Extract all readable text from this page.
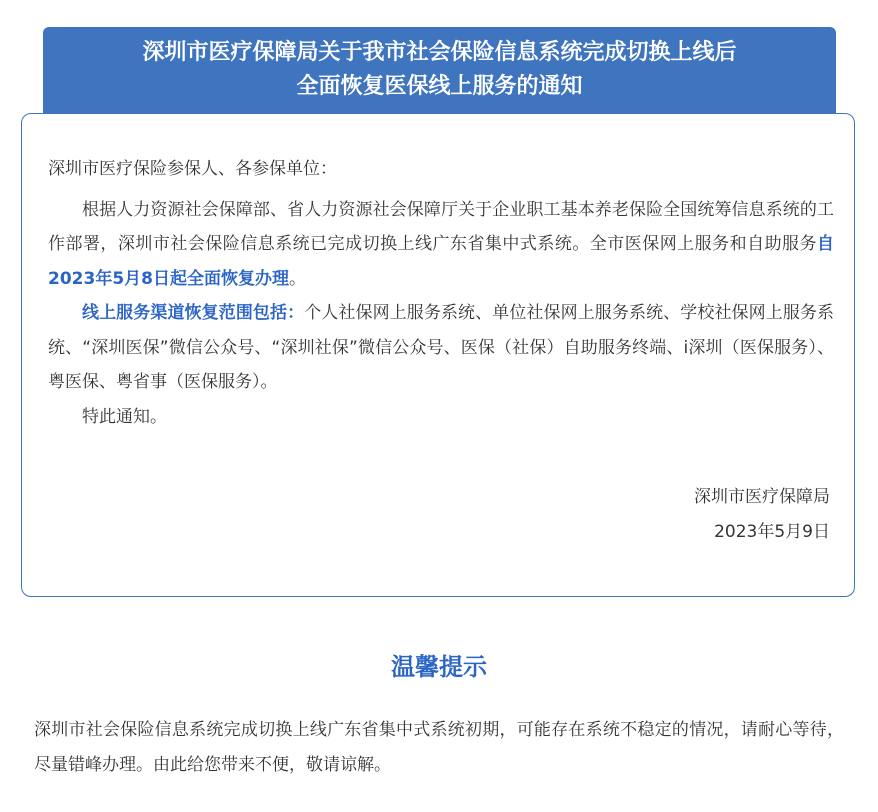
深圳市医疗保障局关于我市社会保险信息系统完成切换上线后
全面恢复医保线上服务的通知

深圳市医疗保险参保人、各参保单位：

根据人力资源社会保障部、省人力资源社会保障厅关于企业职工基本养老保险全国统筹信息系统的工作部署，深圳市社会保险信息系统已完成切换上线广东省集中式系统。全市医保网上服务和自助服务自2023年5月8日起全面恢复办理。

线上服务渠道恢复范围包括：个人社保网上服务系统、单位社保网上服务系统、学校社保网上服务系统、“深圳医保”微信公众号、“深圳社保”微信公众号、医保（社保）自助服务终端、i深圳（医保服务）、粤医保、粤省事（医保服务）。

特此通知。

深圳市医疗保障局
2023年5月9日
温馨提示

深圳市社会保险信息系统完成切换上线广东省集中式系统初期，可能存在系统不稳定的情况，请耐心等待，尽量错峰办理。由此给您带来不便，敬请谅解。
